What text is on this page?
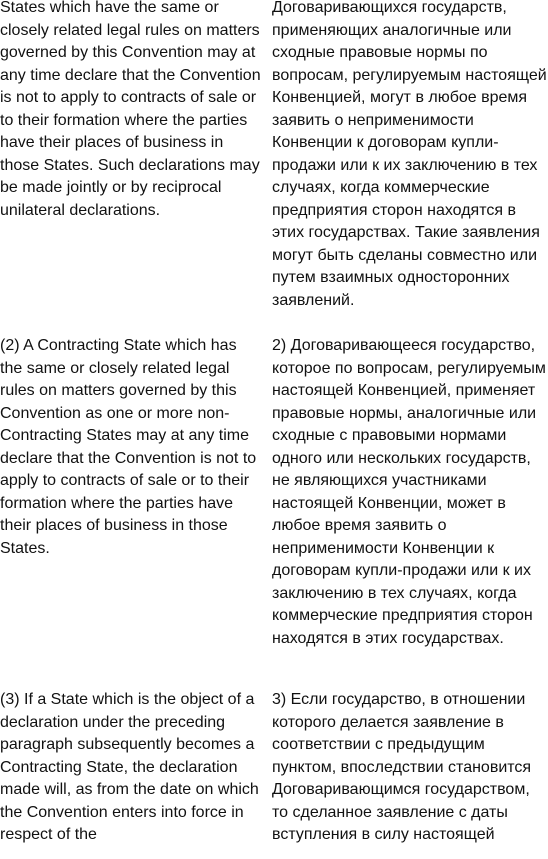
States which have the same or closely related legal rules on matters governed by this Convention may at any time declare that the Convention is not to apply to contracts of sale or to their formation where the parties have their places of business in those States. Such declarations may be made jointly or by reciprocal unilateral declarations.

Договаривающихся государств, применяющих аналогичные или сходные правовые нормы по вопросам, регулируемым настоящей Конвенцией, могут в любое время заявить о неприменимости Конвенции к договорам купли-продажи или к их заключению в тех случаях, когда коммерческие предприятия сторон находятся в этих государствах. Такие заявления могут быть сделаны совместно или путем взаимных односторонних заявлений.

(2) A Contracting State which has the same or closely related legal rules on matters governed by this Convention as one or more non-Contracting States may at any time declare that the Convention is not to apply to contracts of sale or to their formation where the parties have their places of business in those States.

2) Договаривающееся государство, которое по вопросам, регулируемым настоящей Конвенцией, применяет правовые нормы, аналогичные или сходные с правовыми нормами одного или нескольких государств, не являющихся участниками настоящей Конвенции, может в любое время заявить о неприменимости Конвенции к договорам купли-продажи или к их заключению в тех случаях, когда коммерческие предприятия сторон находятся в этих государствах.

(3) If a State which is the object of a declaration under the preceding paragraph subsequently becomes a Contracting State, the declaration made will, as from the date on which the Convention enters into force in respect of the

3) Если государство, в отношении которого делается заявление в соответствии с предыдущим пунктом, впоследствии становится Договаривающимся государством, то сделанное заявление с даты вступления в силу настоящей
